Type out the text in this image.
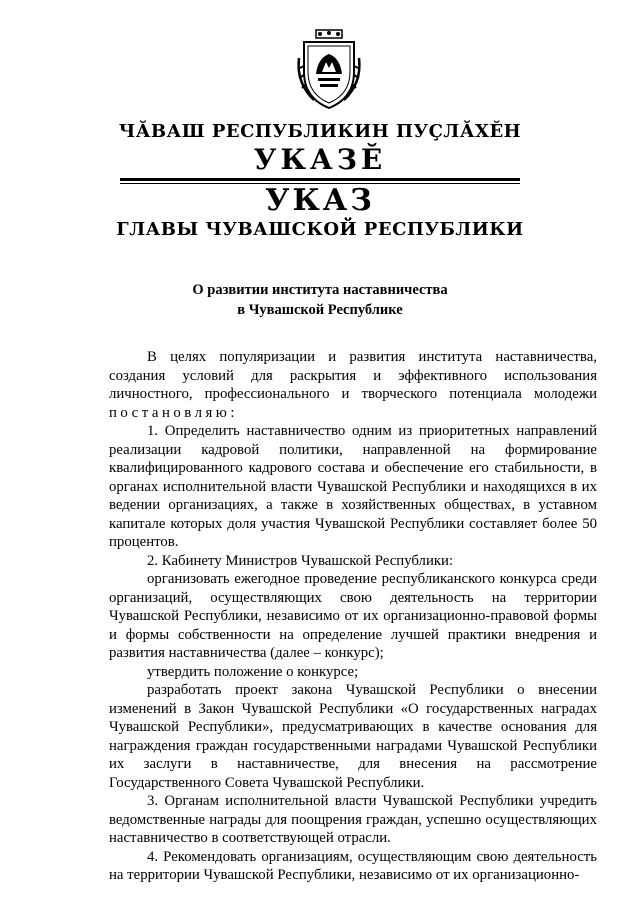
ЧӐВАШ РЕСПУБЛИКИН ПУҪЛӐХӖН
УКАЗӖ
УКАЗ
ГЛАВЫ ЧУВАШСКОЙ РЕСПУБЛИКИ
О развитии института наставничества
в Чувашской Республике

В целях популяризации и развития института наставничества, создания условий для раскрытия и эффективного использования личностного, профессионального и творческого потенциала молодежи постановляю:

1. Определить наставничество одним из приоритетных направлений реализации кадровой политики, направленной на формирование квалифицированного кадрового состава и обеспечение его стабильности, в органах исполнительной власти Чувашской Республики и находящихся в их ведении организациях, а также в хозяйственных обществах, в уставном капитале которых доля участия Чувашской Республики составляет более 50 процентов.

2. Кабинету Министров Чувашской Республики:

организовать ежегодное проведение республиканского конкурса среди организаций, осуществляющих свою деятельность на территории Чувашской Республики, независимо от их организационно-правовой формы и формы собственности на определение лучшей практики внедрения и развития наставничества (далее – конкурс);

утвердить положение о конкурсе;

разработать проект закона Чувашской Республики о внесении изменений в Закон Чувашской Республики «О государственных наградах Чувашской Республики», предусматривающих в качестве основания для награждения граждан государственными наградами Чувашской Республики их заслуги в наставничестве, для внесения на рассмотрение Государственного Совета Чувашской Республики.

3. Органам исполнительной власти Чувашской Республики учредить ведомственные награды для поощрения граждан, успешно осуществляющих наставничество в соответствующей отрасли.

4. Рекомендовать организациям, осуществляющим свою деятельность на территории Чувашской Республики, независимо от их организационно-
